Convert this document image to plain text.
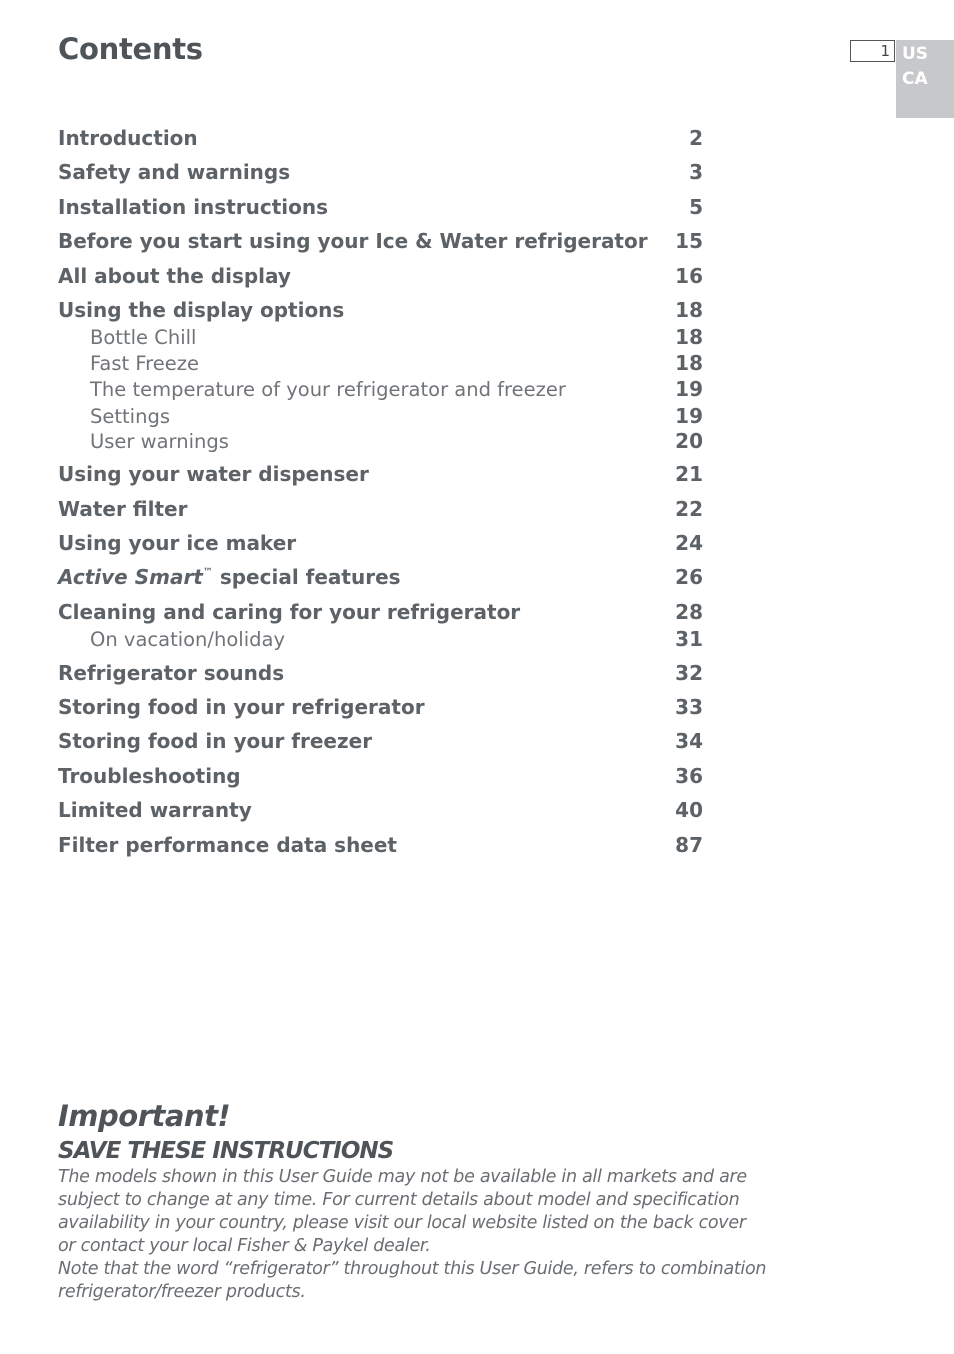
Contents	1 US
CA
Introduction	2
Safety and warnings	3
Installation instructions	5
Before you start using your Ice & Water refrigerator 15
All about the display	16
Using the display options	18
Bottle Chill	18
Fast Freeze	18
The temperature of your refrigerator and freezer	19
Settings	19
User warnings	20
Using your water dispenser	21
Water filter	22
Using your ice maker	24
Active Smart™ special features	26
Cleaning and caring for your refrigerator	28
On vacation/holiday	31
Refrigerator sounds	32
Storing food in your refrigerator	33
Storing food in your freezer	34
Troubleshooting	36
Limited warranty	40
Filter performance data sheet	87
Important!
SAVE THESE INSTRUCTIONS

The models shown in this User Guide may not be available in all markets and are
subject to change at any time. For current details about model and specification
availability in your country, please visit our local website listed on the back cover
or contact your local Fisher & Paykel dealer.
Note that the word “refrigerator” throughout this User Guide, refers to combination
refrigerator/freezer products.
